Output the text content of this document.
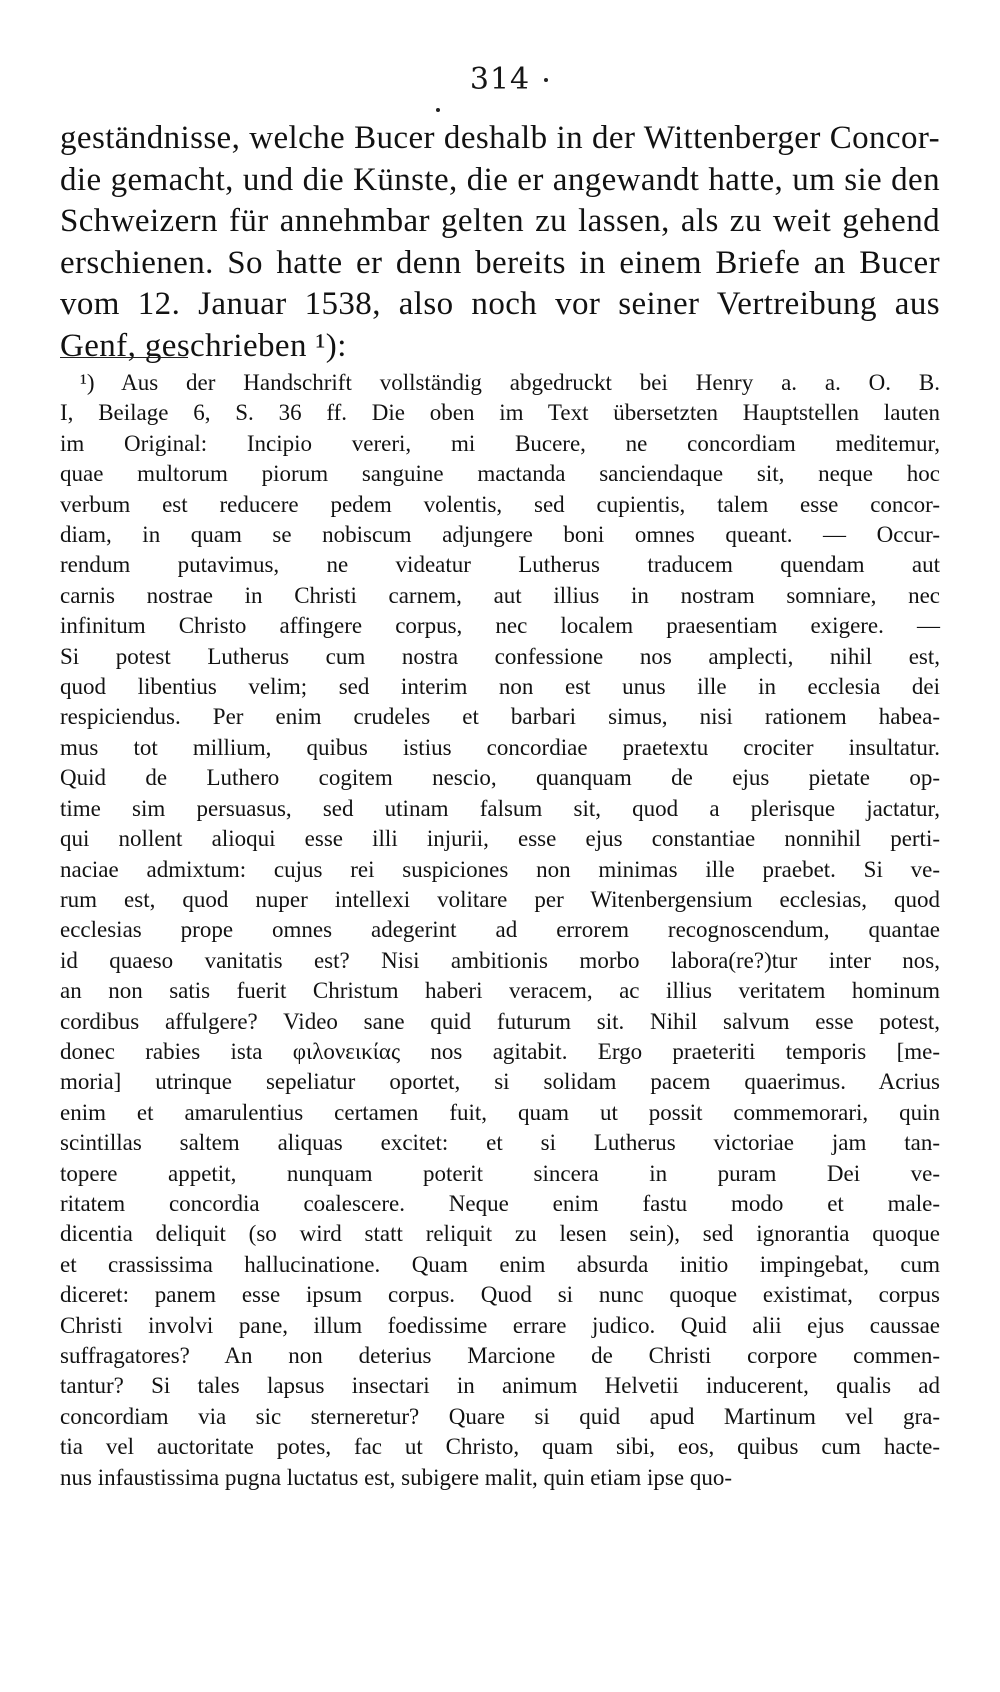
314
geständnisse, welche Bucer deshalb in der Wittenberger Concor-
die gemacht, und die Künste, die er angewandt hatte, um sie den
Schweizern für annehmbar gelten zu lassen, als zu weit gehend
erschienen. So hatte er denn bereits in einem Briefe an Bucer
vom 12. Januar 1538, also noch vor seiner Vertreibung aus
Genf, geschrieben ¹):
¹) Aus der Handschrift vollständig abgedruckt bei Henry a. a. O. B.
I, Beilage 6, S. 36 ff. Die oben im Text übersetzten Hauptstellen lauten
im Original: Incipio vereri, mi Bucere, ne concordiam meditemur,
quae multorum piorum sanguine mactanda sanciendaque sit, neque hoc
verbum est reducere pedem volentis, sed cupientis, talem esse concor-
diam, in quam se nobiscum adjungere boni omnes queant. — Occur-
rendum putavimus, ne videatur Lutherus traducem quendam aut
carnis nostrae in Christi carnem, aut illius in nostram somniare, nec
infinitum Christo affingere corpus, nec localem praesentiam exigere. —
Si potest Lutherus cum nostra confessione nos amplecti, nihil est,
quod libentius velim; sed interim non est unus ille in ecclesia dei
respiciendus. Per enim crudeles et barbari simus, nisi rationem habea-
mus tot millium, quibus istius concordiae praetextu crociter insultatur.
Quid de Luthero cogitem nescio, quanquam de ejus pietate op-
time sim persuasus, sed utinam falsum sit, quod a plerisque jactatur,
qui nollent alioqui esse illi injurii, esse ejus constantiae nonnihil perti-
naciae admixtum: cujus rei suspiciones non minimas ille praebet. Si ve-
rum est, quod nuper intellexi volitare per Witenbergensium ecclesias, quod
ecclesias prope omnes adegerint ad errorem recognoscendum, quantae
id quaeso vanitatis est? Nisi ambitionis morbo labora(re?)tur inter nos,
an non satis fuerit Christum haberi veracem, ac illius veritatem hominum
cordibus affulgere? Video sane quid futurum sit. Nihil salvum esse potest,
donec rabies ista φιλονεικίας nos agitabit. Ergo praeteriti temporis [me-
moria] utrinque sepeliatur oportet, si solidam pacem quaerimus. Acrius
enim et amarulentius certamen fuit, quam ut possit commemorari, quin
scintillas saltem aliquas excitet: et si Lutherus victoriae jam tan-
topere appetit, nunquam poterit sincera in puram Dei ve-
ritatem concordia coalescere. Neque enim fastu modo et male-
dicentia deliquit (so wird statt reliquit zu lesen sein), sed ignorantia quoque
et crassissima hallucinatione. Quam enim absurda initio impingebat, cum
diceret: panem esse ipsum corpus. Quod si nunc quoque existimat, corpus
Christi involvi pane, illum foedissime errare judico. Quid alii ejus caussae
suffragatores? An non deterius Marcione de Christi corpore commen-
tantur? Si tales lapsus insectari in animum Helvetii inducerent, qualis ad
concordiam via sic sterneretur? Quare si quid apud Martinum vel gra-
tia vel auctoritate potes, fac ut Christo, quam sibi, eos, quibus cum hacte-
nus infaustissima pugna luctatus est, subigere malit, quin etiam ipse quo-
